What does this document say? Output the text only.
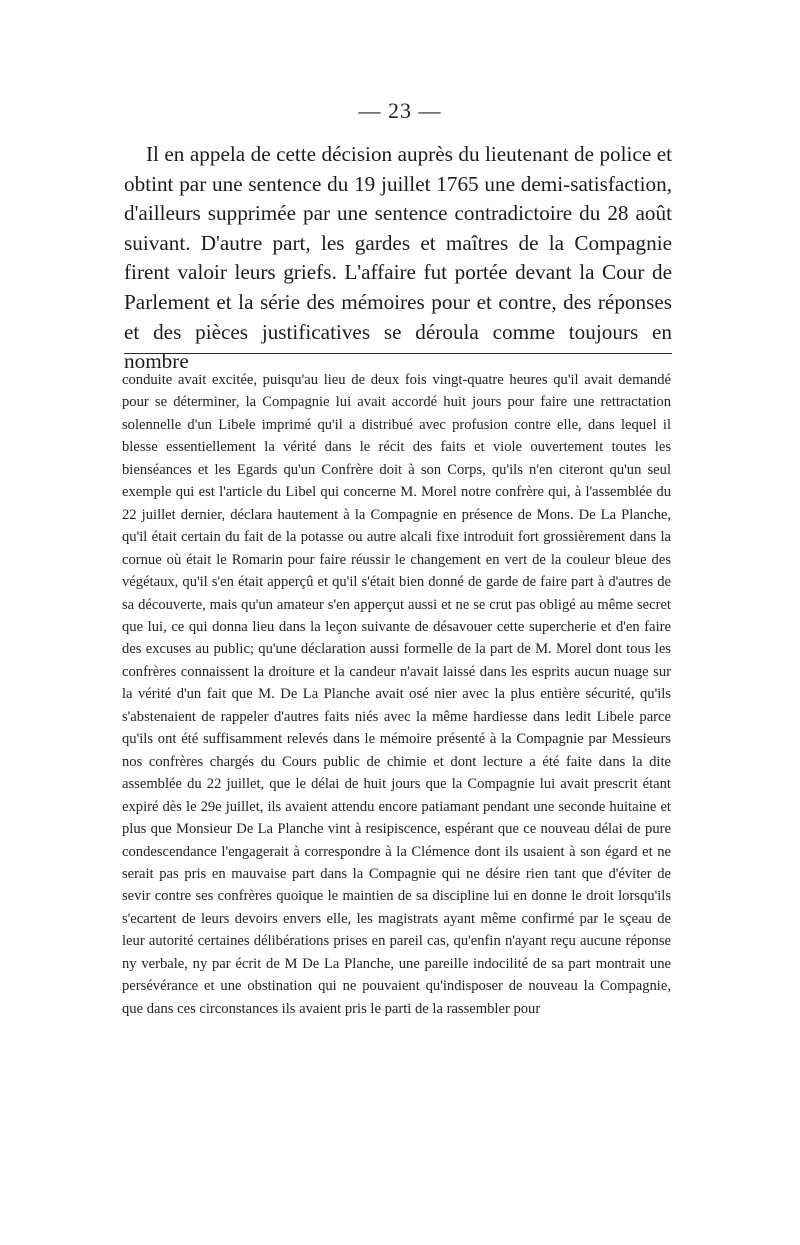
— 23 —

Il en appela de cette décision auprès du lieutenant de police et obtint par une sentence du 19 juillet 1765 une demi-satisfaction, d'ailleurs supprimée par une sentence contradictoire du 28 août suivant. D'autre part, les gardes et maîtres de la Compagnie firent valoir leurs griefs. L'affaire fut portée devant la Cour de Parlement et la série des mémoires pour et contre, des réponses et des pièces justificatives se déroula comme toujours en nombre

conduite avait excitée, puisqu'au lieu de deux fois vingt-quatre heures qu'il avait demandé pour se déterminer, la Compagnie lui avait accordé huit jours pour faire une rettractation solennelle d'un Libele imprimé qu'il a distribué avec profusion contre elle, dans lequel il blesse essentiellement la vérité dans le récit des faits et viole ouvertement toutes les bienséances et les Egards qu'un Confrère doit à son Corps, qu'ils n'en citeront qu'un seul exemple qui est l'article du Libel qui concerne M. Morel notre confrère qui, à l'assemblée du 22 juillet dernier, déclara hautement à la Compagnie en présence de Mons. De La Planche, qu'il était certain du fait de la potasse ou autre alcali fixe introduit fort grossièrement dans la cornue où était le Romarin pour faire réussir le changement en vert de la couleur bleue des végétaux, qu'il s'en était apperçû et qu'il s'était bien donné de garde de faire part à d'autres de sa découverte, mais qu'un amateur s'en apperçut aussi et ne se crut pas obligé au même secret que lui, ce qui donna lieu dans la leçon suivante de désavouer cette supercherie et d'en faire des excuses au public; qu'une déclaration aussi formelle de la part de M. Morel dont tous les confrères connaissent la droiture et la candeur n'avait laissé dans les esprits aucun nuage sur la vérité d'un fait que M. De La Planche avait osé nier avec la plus entière sécurité, qu'ils s'abstenaient de rappeler d'autres faits niés avec la même hardiesse dans ledit Libele parce qu'ils ont été suffisamment relevés dans le mémoire présenté à la Compagnie par Messieurs nos confrères chargés du Cours public de chimie et dont lecture a été faite dans la dite assemblée du 22 juillet, que le délai de huit jours que la Compagnie lui avait prescrit étant expiré dès le 29e juillet, ils avaient attendu encore patiamant pendant une seconde huitaine et plus que Monsieur De La Planche vint à resipiscence, espérant que ce nouveau délai de pure condescendance l'engagerait à correspondre à la Clémence dont ils usaient à son égard et ne serait pas pris en mauvaise part dans la Compagnie qui ne désire rien tant que d'éviter de sevir contre ses confrères quoique le maintien de sa discipline lui en donne le droit lorsqu'ils s'ecartent de leurs devoirs envers elle, les magistrats ayant même confirmé par le sçeau de leur autorité certaines délibérations prises en pareil cas, qu'enfin n'ayant reçu aucune réponse ny verbale, ny par écrit de M De La Planche, une pareille indocilité de sa part montrait une persévérance et une obstination qui ne pouvaient qu'indisposer de nouveau la Compagnie, que dans ces circonstances ils avaient pris le parti de la rassembler pour
